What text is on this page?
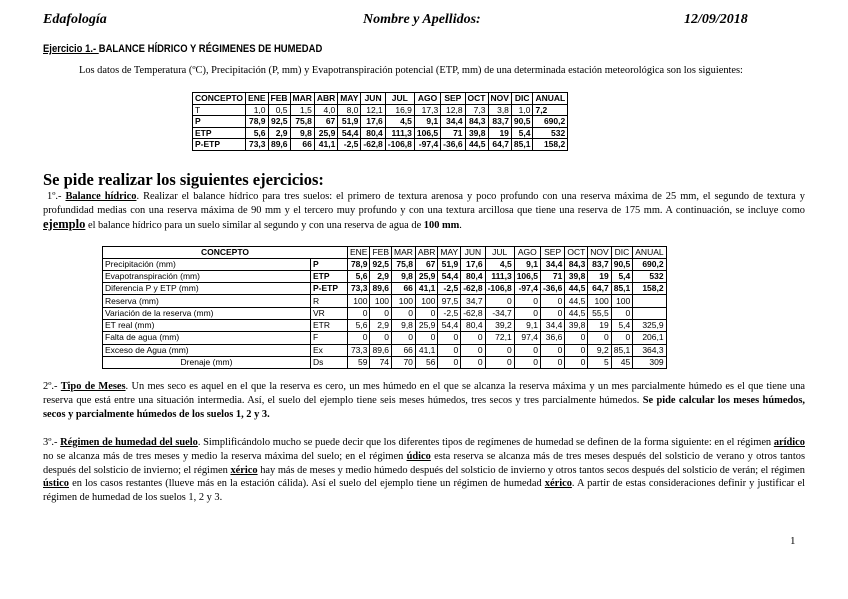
Edafología	Nombre y Apellidos:	12/09/2018
Ejercicio 1.- BALANCE HÍDRICO Y RÉGIMENES DE HUMEDAD
Los datos de Temperatura (ºC), Precipitación (P, mm) y Evapotranspiración potencial (ETP, mm) de una determinada estación meteorológica son los siguientes:
CONCEPTO	ENE	FEB	MAR	ABR	MAY	JUN	JUL	AGO	SEP	OCT	NOV	DIC	ANUAL
T	1,0	0,5	1,5	4,0	8,0	12,1	16,9	17,3	12,8	7,3	3,8	1,0	7,2
P	78,9	92,5	75,8	67	51,9	17,6	4,5	9,1	34,4	84,3	83,7	90,5	690,2
ETP	5,6	2,9	9,8	25,9	54,4	80,4	111,3	106,5	71	39,8	19	5,4	532
P-ETP	73,3	89,6	66	41,1	-2,5	-62,8	-106,8	-97,4	-36,6	44,5	64,7	85,1	158,2
Se pide realizar los siguientes ejercicios:
1º.- Balance hídrico. Realizar el balance hídrico para tres suelos: el primero de textura arenosa y poco profundo con una reserva máxima de 25 mm, el segundo de textura y profundidad medias con una reserva máxima de 90 mm y el tercero muy profundo y con una textura arcillosa que tiene una reserva de 175 mm. A continuación, se incluye como ejemplo el balance hídrico para un suelo similar al segundo y con una reserva de agua de 100 mm.
CONCEPTO		ENE	FEB	MAR	ABR	MAY	JUN	JUL	AGO	SEP	OCT	NOV	DIC	ANUAL
Precipitación (mm)	P	78,9	92,5	75,8	67	51,9	17,6	4,5	9,1	34,4	84,3	83,7	90,5	690,2
Evapotranspiración (mm)	ETP	5,6	2,9	9,8	25,9	54,4	80,4	111,3	106,5	71	39,8	19	5,4	532
Diferencia P y ETP (mm)	P-ETP	73,3	89,6	66	41,1	-2,5	-62,8	-106,8	-97,4	-36,6	44,5	64,7	85,1	158,2
Reserva (mm)	R	100	100	100	100	97,5	34,7	0	0	0	44,5	100	100	
Variación de la reserva (mm)	VR	0	0	0	0	-2,5	-62,8	-34,7	0	0	44,5	55,5	0	
ET real (mm)	ETR	5,6	2,9	9,8	25,9	54,4	80,4	39,2	9,1	34,4	39,8	19	5,4	325,9
Falta de agua (mm)	F	0	0	0	0	0	0	72,1	97,4	36,6	0	0	0	206,1
Exceso de Agua (mm)	Ex	73,3	89,6	66	41,1	0	0	0	0	0	0	9,2	85,1	364,3
Drenaje (mm)	Ds	59	74	70	56	0	0	0	0	0	0	5	45	309
2º.- Tipo de Meses. Un mes seco es aquel en el que la reserva es cero, un mes húmedo en el que se alcanza la reserva máxima y un mes parcialmente húmedo es el que tiene una reserva que está entre una situación intermedia. Así, el suelo del ejemplo tiene seis meses húmedos, tres secos y tres parcialmente húmedos. Se pide calcular los meses húmedos, secos y parcialmente húmedos de los suelos 1, 2 y 3.
3º.- Régimen de humedad del suelo. Simplificándolo mucho se puede decir que los diferentes tipos de regímenes de humedad se definen de la forma siguiente: en el régimen arídico no se alcanza más de tres meses y medio la reserva máxima del suelo; en el régimen údico esta reserva se alcanza más de tres meses después del solsticio de verano y otros tantos después del solsticio de invierno; el régimen xérico hay más de meses y medio húmedo después del solsticio de invierno y otros tantos secos después del solsticio de verán; el régimen ústico en los casos restantes (llueve más en la estación cálida). Así el suelo del ejemplo tiene un régimen de humedad xérico. A partir de estas consideraciones definir y justificar el régimen de humedad de los suelos 1, 2 y 3.
1
